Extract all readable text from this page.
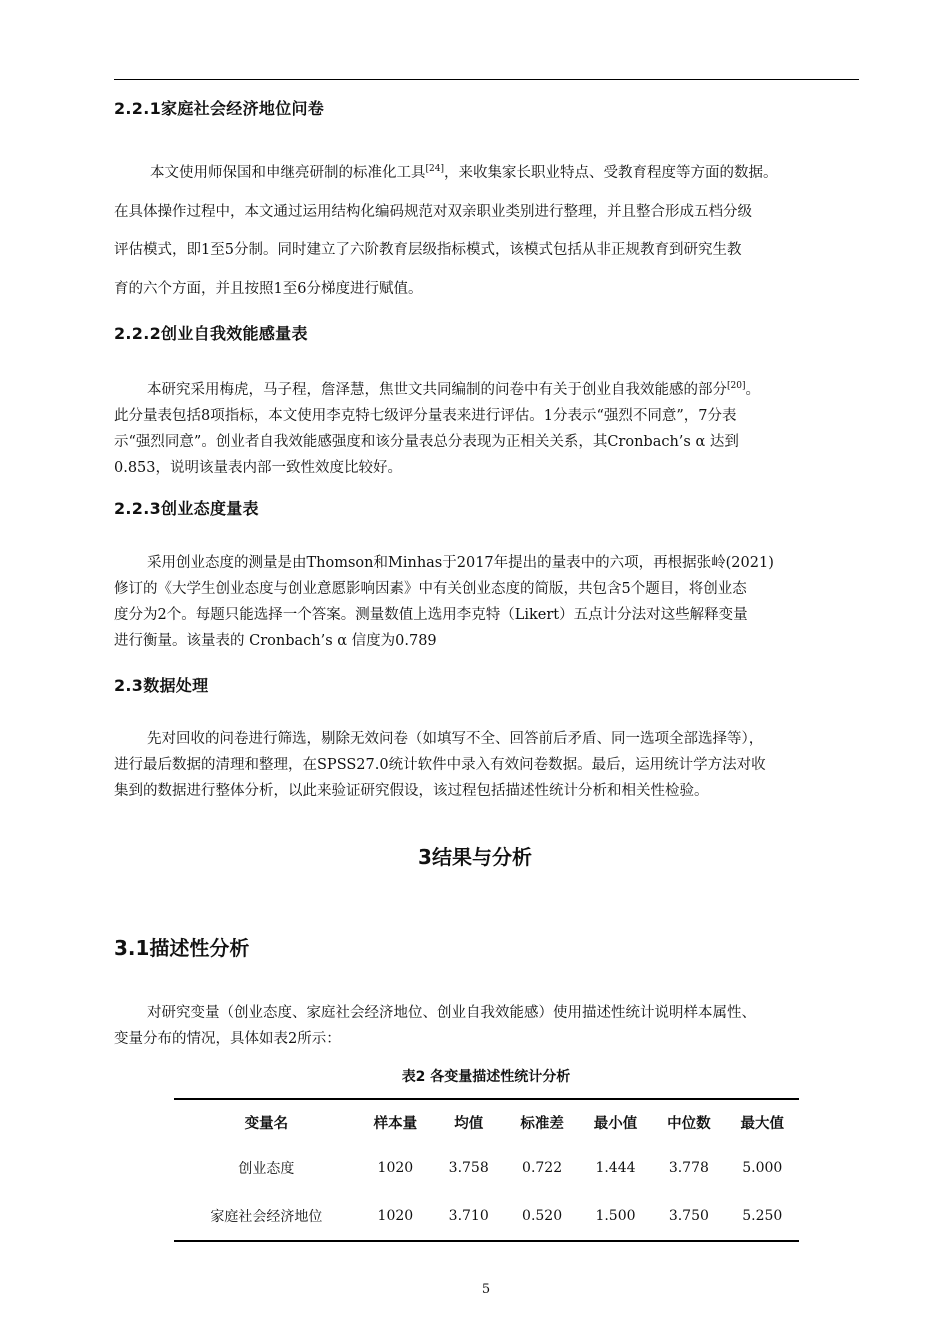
2.2.1家庭社会经济地位问卷

本文使用师保国和申继亮研制的标准化工具[24]，来收集家长职业特点、受教育程度等方面的数据。
在具体操作过程中，本文通过运用结构化编码规范对双亲职业类别进行整理，并且整合形成五档分级
评估模式，即1至5分制。同时建立了六阶教育层级指标模式，该模式包括从非正规教育到研究生教
育的六个方面，并且按照1至6分梯度进行赋值。

2.2.2创业自我效能感量表

本研究采用梅虎，马子程，詹泽慧，焦世文共同编制的问卷中有关于创业自我效能感的部分[20]。
此分量表包括8项指标，本文使用李克特七级评分量表来进行评估。1分表示“强烈不同意”，7分表
示“强烈同意”。创业者自我效能感强度和该分量表总分表现为正相关关系，其Cronbach’s α 达到
0.853，说明该量表内部一致性效度比较好。

2.2.3创业态度量表

采用创业态度的测量是由Thomson和Minhas于2017年提出的量表中的六项，再根据张岭(2021)
修订的《大学生创业态度与创业意愿影响因素》中有关创业态度的简版，共包含5个题目，将创业态
度分为2个。每题只能选择一个答案。测量数值上选用李克特（Likert）五点计分法对这些解释变量
进行衡量。该量表的 Cronbach’s α 信度为0.789

2.3数据处理

先对回收的问卷进行筛选，剔除无效问卷（如填写不全、回答前后矛盾、同一选项全部选择等），
进行最后数据的清理和整理，在SPSS27.0统计软件中录入有效问卷数据。最后，运用统计学方法对收
集到的数据进行整体分析，以此来验证研究假设，该过程包括描述性统计分析和相关性检验。

3结果与分析
3.1描述性分析

对研究变量（创业态度、家庭社会经济地位、创业自我效能感）使用描述性统计说明样本属性、
变量分布的情况，具体如表2所示：

表2 各变量描述性统计分析
变量名	样本量	均值	标准差	最小值	中位数	最大值
创业态度	1020	3.758	0.722	1.444	3.778	5.000
家庭社会经济地位	1020	3.710	0.520	1.500	3.750	5.250
5
